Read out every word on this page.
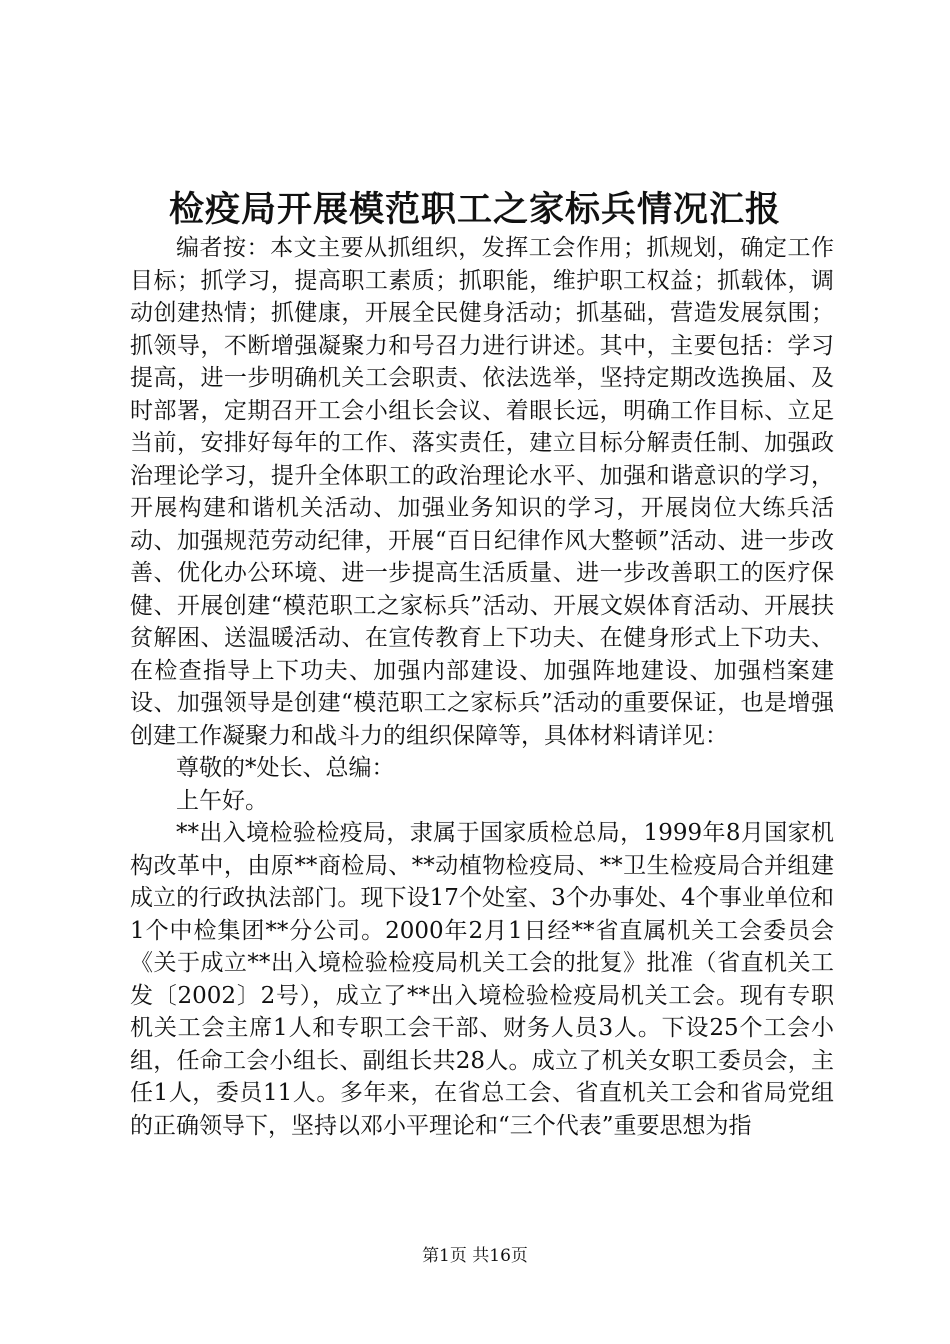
检疫局开展模范职工之家标兵情况汇报

编者按：本文主要从抓组织，发挥工会作用；抓规划，确定工作目标；抓学习，提高职工素质；抓职能，维护职工权益；抓载体，调动创建热情；抓健康，开展全民健身活动；抓基础，营造发展氛围；抓领导，不断增强凝聚力和号召力进行讲述。其中，主要包括：学习提高，进一步明确机关工会职责、依法选举，坚持定期改选换届、及时部署，定期召开工会小组长会议、着眼长远，明确工作目标、立足当前，安排好每年的工作、落实责任，建立目标分解责任制、加强政治理论学习，提升全体职工的政治理论水平、加强和谐意识的学习，开展构建和谐机关活动、加强业务知识的学习，开展岗位大练兵活动、加强规范劳动纪律，开展“百日纪律作风大整顿”活动、进一步改善、优化办公环境、进一步提高生活质量、进一步改善职工的医疗保健、开展创建“模范职工之家标兵”活动、开展文娱体育活动、开展扶贫解困、送温暖活动、在宣传教育上下功夫、在健身形式上下功夫、在检查指导上下功夫、加强内部建设、加强阵地建设、加强档案建设、加强领导是创建“模范职工之家标兵”活动的重要保证，也是增强创建工作凝聚力和战斗力的组织保障等，具体材料请详见：

尊敬的*处长、总编：

上午好。

**出入境检验检疫局，隶属于国家质检总局，1999年8月国家机构改革中，由原**商检局、**动植物检疫局、**卫生检疫局合并组建成立的行政执法部门。现下设17个处室、3个办事处、4个事业单位和1个中检集团**分公司。2000年2月1日经**省直属机关工会委员会《关于成立**出入境检验检疫局机关工会的批复》批准（省直机关工发〔2002〕2号），成立了**出入境检验检疫局机关工会。现有专职机关工会主席1人和专职工会干部、财务人员3人。下设25个工会小组，任命工会小组长、副组长共28人。成立了机关女职工委员会，主任1人，委员11人。多年来，在省总工会、省直机关工会和省局党组的正确领导下，坚持以邓小平理论和“三个代表”重要思想为指

第1页 共16页
